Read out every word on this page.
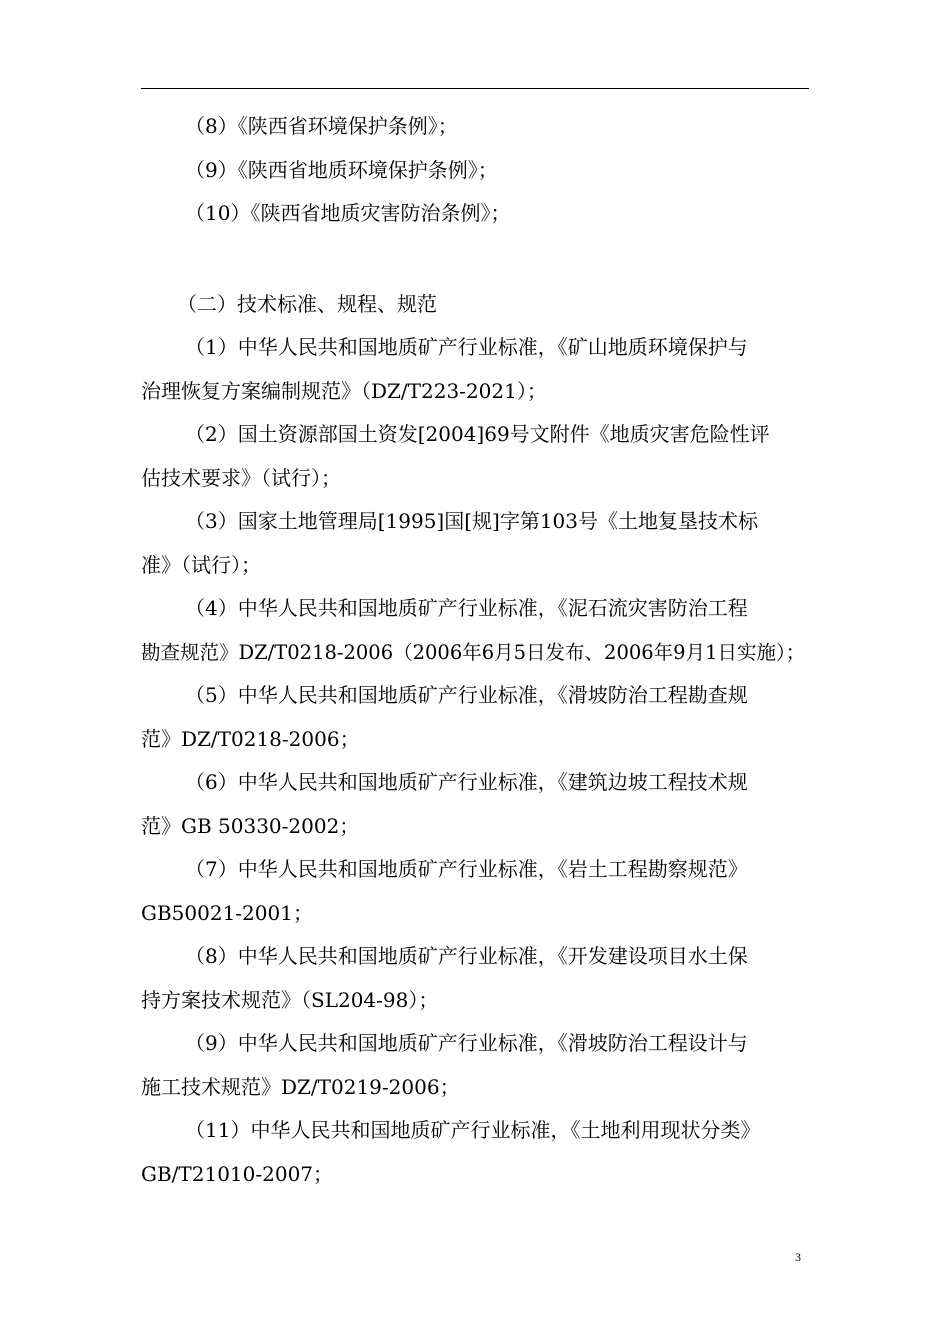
（8）《陕西省环境保护条例》；
（9）《陕西省地质环境保护条例》；
（10）《陕西省地质灾害防治条例》；
（二）技术标准、规程、规范
（1）中华人民共和国地质矿产行业标准，《矿山地质环境保护与
治理恢复方案编制规范》（DZ/T223-2021）；
（2）国土资源部国土资发[2004]69号文附件《地质灾害危险性评
估技术要求》（试行）；
（3）国家土地管理局[1995]国[规]字第103号《土地复垦技术标
准》（试行）；
（4）中华人民共和国地质矿产行业标准，《泥石流灾害防治工程
勘查规范》DZ/T0218-2006（2006年6月5日发布、2006年9月1日实施）；
（5）中华人民共和国地质矿产行业标准，《滑坡防治工程勘查规
范》DZ/T0218-2006；
（6）中华人民共和国地质矿产行业标准，《建筑边坡工程技术规
范》GB 50330-2002；
（7）中华人民共和国地质矿产行业标准，《岩土工程勘察规范》
GB50021-2001；
（8）中华人民共和国地质矿产行业标准，《开发建设项目水土保
持方案技术规范》（SL204-98）；
（9）中华人民共和国地质矿产行业标准，《滑坡防治工程设计与
施工技术规范》DZ/T0219-2006；
（11）中华人民共和国地质矿产行业标准，《土地利用现状分类》
GB/T21010-2007；
3
